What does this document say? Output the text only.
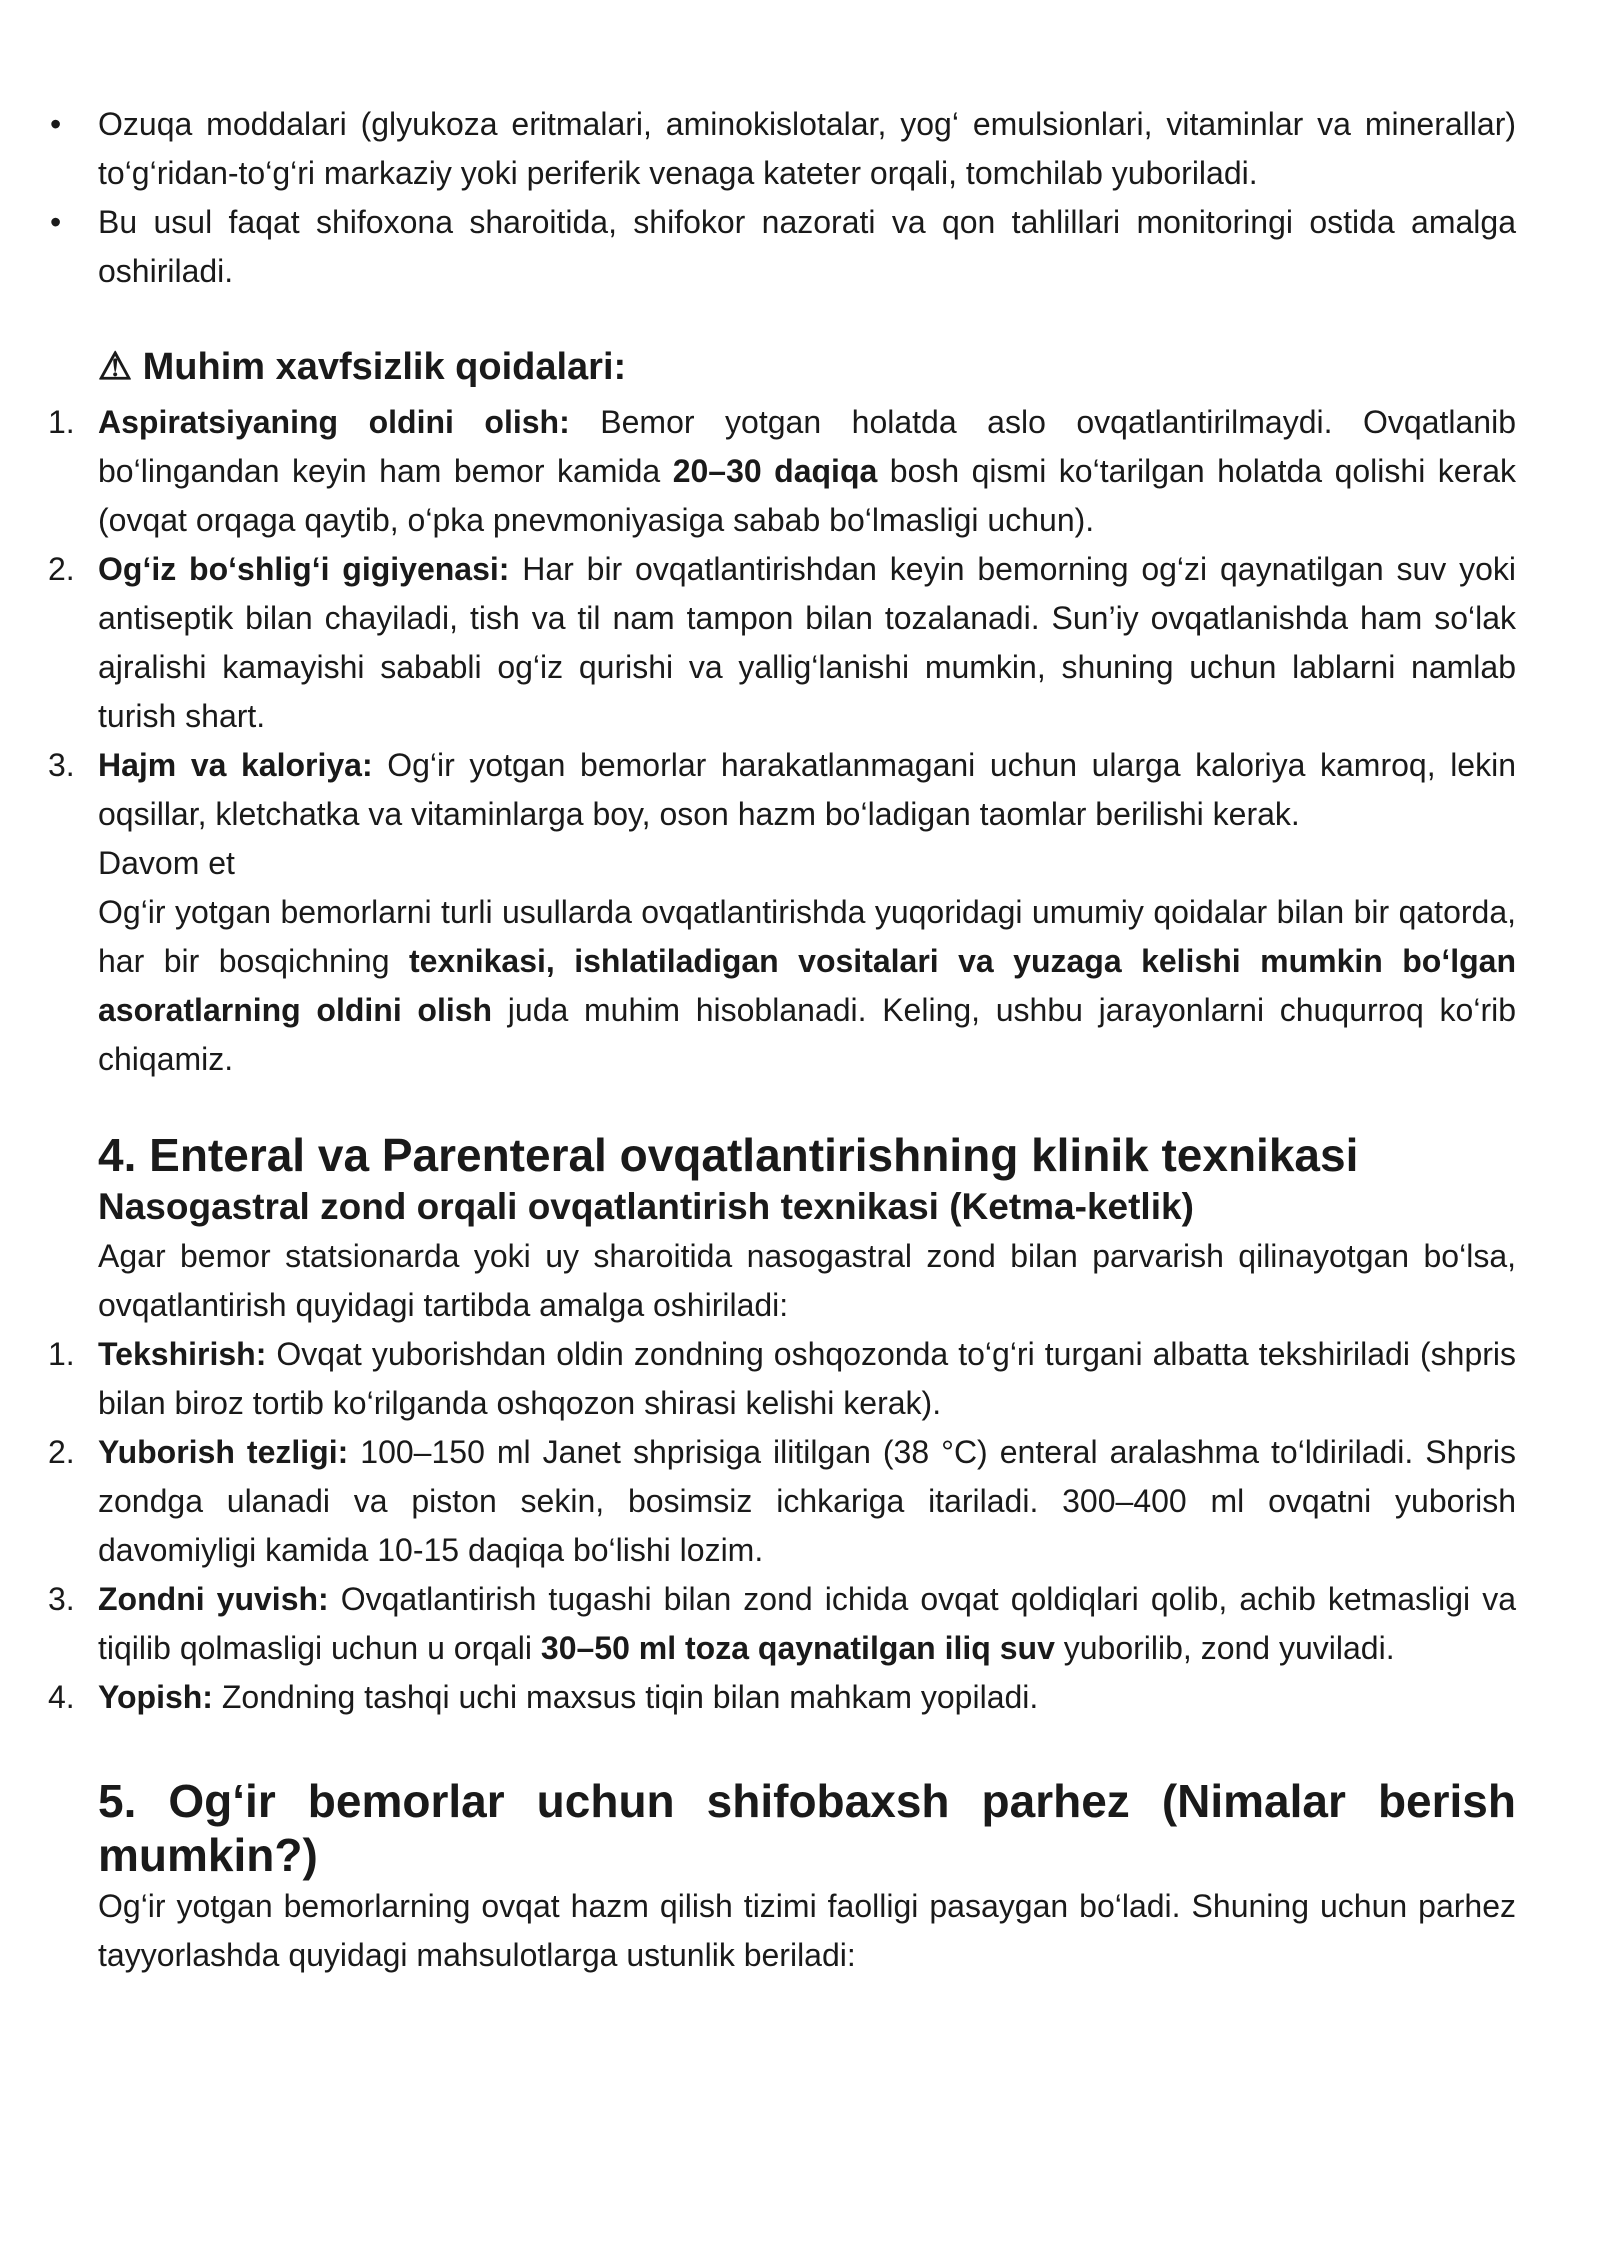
• Ozuqa moddalari (glyukoza eritmalari, aminokislotalar, yog‘ emulsionlari, vitaminlar va minerallar) to‘g‘ridan-to‘g‘ri markaziy yoki periferik venaga kateter orqali, tomchilab yuboriladi.
• Bu usul faqat shifoxona sharoitida, shifokor nazorati va qon tahlillari monitoringi ostida amalga oshiriladi.
⚠ Muhim xavfsizlik qoidalari:
1. Aspiratsiyaning oldini olish: Bemor yotgan holatda aslo ovqatlantirilmaydi. Ovqatlanib bo‘lingandan keyin ham bemor kamida 20–30 daqiqa bosh qismi ko‘tarilgan holatda qolishi kerak (ovqat orqaga qaytib, o‘pka pnevmoniyasiga sabab bo‘lmasligi uchun).
2. Og‘iz bo‘shlig‘i gigiyenasi: Har bir ovqatlantirishdan keyin bemorning og‘zi qaynatilgan suv yoki antiseptik bilan chayiladi, tish va til nam tampon bilan tozalanadi. Sun’iy ovqatlanishda ham so‘lak ajralishi kamayishi sababli og‘iz qurishi va yallig‘lanishi mumkin, shuning uchun lablarni namlab turish shart.
3. Hajm va kaloriya: Og‘ir yotgan bemorlar harakatlanmagani uchun ularga kaloriya kamroq, lekin oqsillar, kletchatka va vitaminlarga boy, oson hazm bo‘ladigan taomlar berilishi kerak.

Davom et

Og‘ir yotgan bemorlarni turli usullarda ovqatlantirishda yuqoridagi umumiy qoidalar bilan bir qatorda, har bir bosqichning texnikasi, ishlatiladigan vositalari va yuzaga kelishi mumkin bo‘lgan asoratlarning oldini olish juda muhim hisoblanadi. Keling, ushbu jarayonlarni chuqurroq ko‘rib chiqamiz.

4. Enteral va Parenteral ovqatlantirishning klinik texnikasi
Nasogastral zond orqali ovqatlantirish texnikasi (Ketma-ketlik)

Agar bemor statsionarda yoki uy sharoitida nasogastral zond bilan parvarish qilinayotgan bo‘lsa, ovqatlantirish quyidagi tartibda amalga oshiriladi:

1. Tekshirish: Ovqat yuborishdan oldin zondning oshqozonda to‘g‘ri turgani albatta tekshiriladi (shpris bilan biroz tortib ko‘rilganda oshqozon shirasi kelishi kerak).
2. Yuborish tezligi: 100–150 ml Janet shprisiga ilitilgan (38 °C) enteral aralashma to‘ldiriladi. Shpris zondga ulanadi va piston sekin, bosimsiz ichkariga itariladi. 300–400 ml ovqatni yuborish davomiyligi kamida 10-15 daqiqa bo‘lishi lozim.
3. Zondni yuvish: Ovqatlantirish tugashi bilan zond ichida ovqat qoldiqlari qolib, achib ketmasligi va tiqilib qolmasligi uchun u orqali 30–50 ml toza qaynatilgan iliq suv yuborilib, zond yuviladi.
4. Yopish: Zondning tashqi uchi maxsus tiqin bilan mahkam yopiladi.
5. Og‘ir bemorlar uchun shifobaxsh parhez (Nimalar berish mumkin?)

Og‘ir yotgan bemorlarning ovqat hazm qilish tizimi faolligi pasaygan bo‘ladi. Shuning uchun parhez tayyorlashda quyidagi mahsulotlarga ustunlik beriladi:
